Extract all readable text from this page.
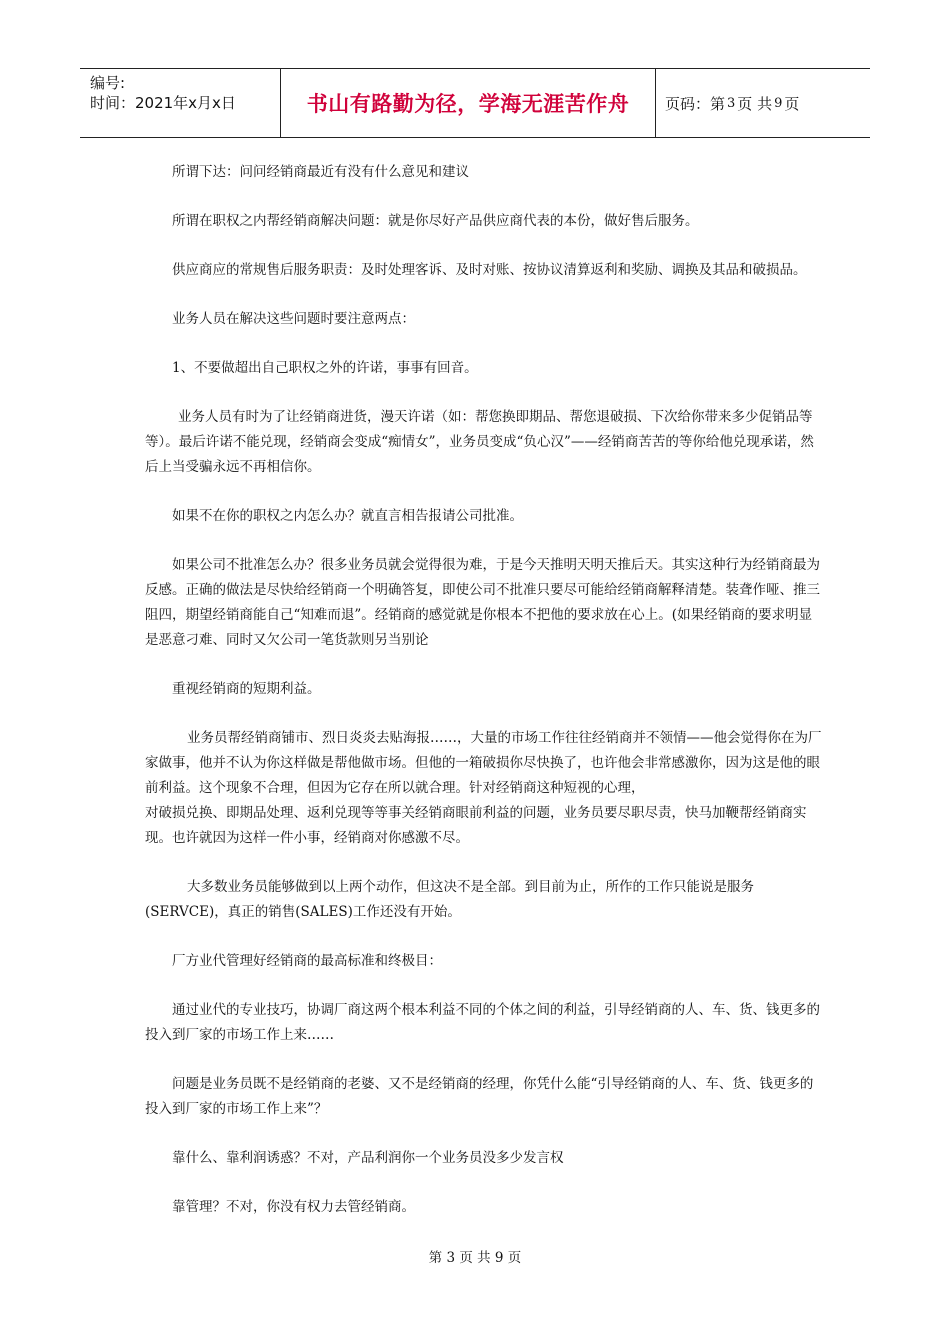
编号:
时间：2021年x月x日	书山有路勤为径，学海无涯苦作舟 页码：第 3 页 共 9 页

所谓下达：问问经销商最近有没有什么意见和建议

所谓在职权之内帮经销商解决问题：就是你尽好产品供应商代表的本份，做好售后服务。

供应商应的常规售后服务职责：及时处理客诉、及时对账、按协议清算返利和奖励、调换及其品和破损品。

业务人员在解决这些问题时要注意两点：

1、不要做超出自己职权之外的许诺，事事有回音。

业务人员有时为了让经销商进货，漫天许诺（如：帮您换即期品、帮您退破损、下次给你带来多少促销品等等）。最后许诺不能兑现，经销商会变成“痴情女”，业务员变成“负心汉”——经销商苦苦的等你给他兑现承诺，然后上当受骗永远不再相信你。

如果不在你的职权之内怎么办？就直言相告报请公司批准。

如果公司不批准怎么办？很多业务员就会觉得很为难，于是今天推明天明天推后天。其实这种行为经销商最为反感。正确的做法是尽快给经销商一个明确答复，即使公司不批准只要尽可能给经销商解释清楚。装聋作哑、推三阻四，期望经销商能自己“知难而退”。经销商的感觉就是你根本不把他的要求放在心上。(如果经销商的要求明显是恶意刁难、同时又欠公司一笔货款则另当别论

重视经销商的短期利益。

业务员帮经销商铺市、烈日炎炎去贴海报……，大量的市场工作往往经销商并不领情——他会觉得你在为厂家做事，他并不认为你这样做是帮他做市场。但他的一箱破损你尽快换了，也许他会非常感激你，因为这是他的眼前利益。这个现象不合理，但因为它存在所以就合理。针对经销商这种短视的心理，

对破损兑换、即期品处理、返利兑现等等事关经销商眼前利益的问题，业务员要尽职尽责，快马加鞭帮经销商实现。也许就因为这样一件小事，经销商对你感激不尽。

大多数业务员能够做到以上两个动作，但这决不是全部。到目前为止，所作的工作只能说是服务(SERVCE)，真正的销售(SALES)工作还没有开始。

厂方业代管理好经销商的最高标准和终极目：

通过业代的专业技巧，协调厂商这两个根本利益不同的个体之间的利益，引导经销商的人、车、货、钱更多的投入到厂家的市场工作上来……

问题是业务员既不是经销商的老婆、又不是经销商的经理，你凭什么能“引导经销商的人、车、货、钱更多的投入到厂家的市场工作上来”？

靠什么、靠利润诱惑？不对，产品利润你一个业务员没多少发言权

靠管理？不对，你没有权力去管经销商。

第 3 页 共 9 页
